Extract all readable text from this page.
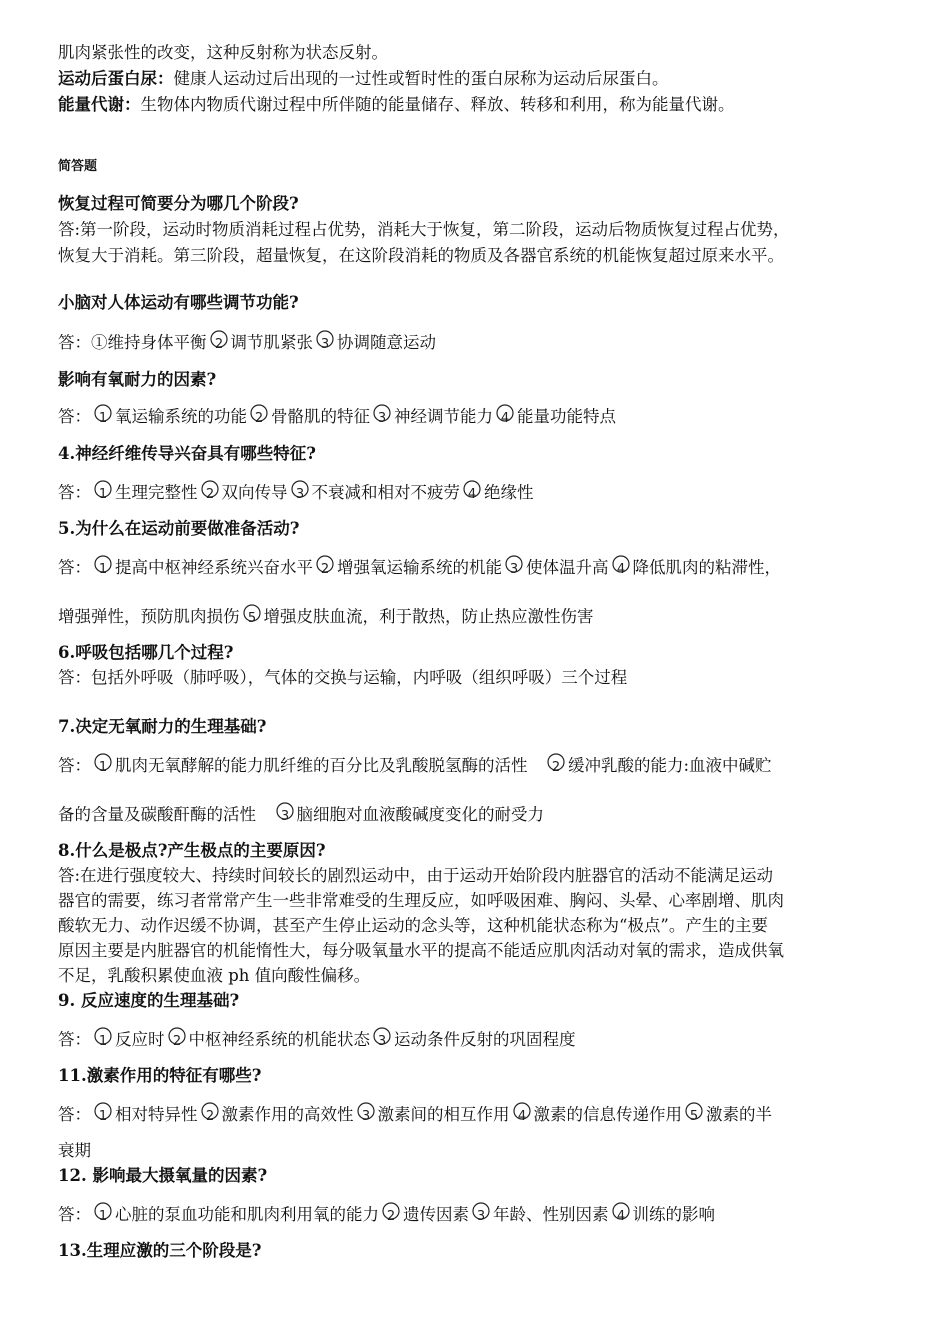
肌肉紧张性的改变，这种反射称为状态反射。
运动后蛋白尿：健康人运动过后出现的一过性或暂时性的蛋白尿称为运动后尿蛋白。
能量代谢：生物体内物质代谢过程中所伴随的能量储存、释放、转移和利用，称为能量代谢。
简答题
恢复过程可简要分为哪几个阶段?
答:第一阶段，运动时物质消耗过程占优势，消耗大于恢复，第二阶段，运动后物质恢复过程占优势，
恢复大于消耗。第三阶段，超量恢复，在这阶段消耗的物质及各器官系统的机能恢复超过原来水平。
小脑对人体运动有哪些调节功能?
答：①维持身体平衡 2 调节肌紧张 3 协调随意运动
影响有氧耐力的因素?
答： 1 氧运输系统的功能 2 骨骼肌的特征 3 神经调节能力 4 能量功能特点
4.神经纤维传导兴奋具有哪些特征?
答： 1 生理完整性 2 双向传导 3 不衰减和相对不疲劳 4 绝缘性
5.为什么在运动前要做准备活动?
答： 1 提高中枢神经系统兴奋水平 2 增强氧运输系统的机能 3 使体温升高 4 降低肌肉的粘滞性，
增强弹性，预防肌肉损伤 5 增强皮肤血流，利于散热，防止热应激性伤害
6.呼吸包括哪几个过程?
答：包括外呼吸（肺呼吸），气体的交换与运输，内呼吸（组织呼吸）三个过程
7.决定无氧耐力的生理基础?
答： 1 肌肉无氧酵解的能力肌纤维的百分比及乳酸脱氢酶的活性　 2 缓冲乳酸的能力:血液中碱贮
备的含量及碳酸酐酶的活性　 3 脑细胞对血液酸碱度变化的耐受力
8.什么是极点?产生极点的主要原因?
答:在进行强度较大、持续时间较长的剧烈运动中，由于运动开始阶段内脏器官的活动不能满足运动
器官的需要，练习者常常产生一些非常难受的生理反应，如呼吸困难、胸闷、头晕、心率剧增、肌肉
酸软无力、动作迟缓不协调，甚至产生停止运动的念头等，这种机能状态称为“极点”。产生的主要
原因主要是内脏器官的机能惰性大，每分吸氧量水平的提高不能适应肌肉活动对氧的需求，造成供氧
不足，乳酸积累使血液 ph 值向酸性偏移。
9. 反应速度的生理基础?
答： 1 反应时 2 中枢神经系统的机能状态 3 运动条件反射的巩固程度
11.激素作用的特征有哪些?
答： 1 相对特异性 2 激素作用的高效性 3 激素间的相互作用 4 激素的信息传递作用 5 激素的半
衰期
12. 影响最大摄氧量的因素?
答： 1 心脏的泵血功能和肌肉利用氧的能力 2 遗传因素 3 年龄、性别因素 4 训练的影响
13.生理应激的三个阶段是?
